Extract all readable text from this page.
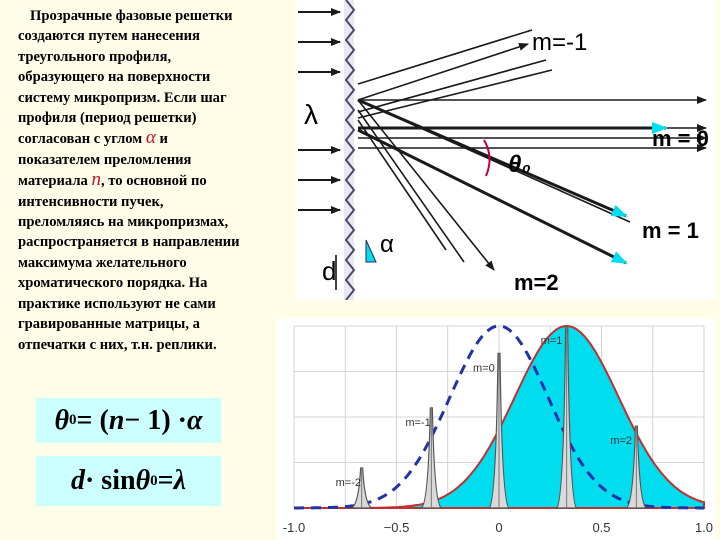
Прозрачные фазовые решетки
создаются путем нанесения
треугольного профиля,
образующего на поверхности
систему микропризм. Если шаг
профиля (период решетки)
согласован с углом α и
показателем преломления
материала n, то основной по
интенсивности пучек,
преломляясь на микропризмах,
распространяется в направлении
максимума желательного
хроматического порядка. На
практике используют не сами
гравированные матрицы, а
отпечатки с них, т.н. реплики.
θ 0 = ( n − 1) · α
d · sin θ 0 = λ
λ
d
α
θ₀
m=-1
m = 0
m = 1
m=2
m=-2
m=-1
m=0
m=1
m=2
-1.0	−0.5	0	0.5	1.0
